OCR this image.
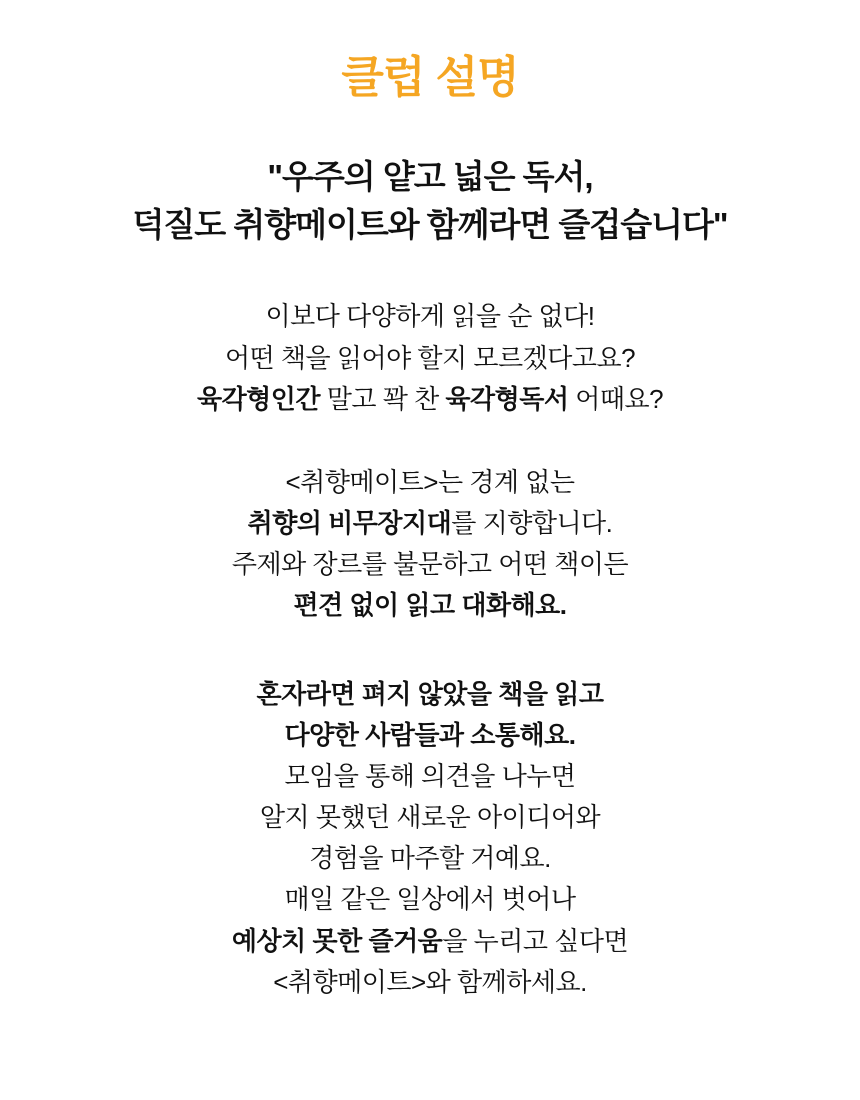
클럽 설명
"우주의 얕고 넓은 독서,
덕질도 취향메이트와 함께라면 즐겁습니다"

이보다 다양하게 읽을 순 없다!
어떤 책을 읽어야 할지 모르겠다고요?
육각형인간 말고 꽉 찬 육각형독서 어때요?

<취향메이트>는 경계 없는
취향의 비무장지대를 지향합니다.
주제와 장르를 불문하고 어떤 책이든
편견 없이 읽고 대화해요.

혼자라면 펴지 않았을 책을 읽고
다양한 사람들과 소통해요.
모임을 통해 의견을 나누면
알지 못했던 새로운 아이디어와
경험을 마주할 거예요.
매일 같은 일상에서 벗어나
예상치 못한 즐거움을 누리고 싶다면
<취향메이트>와 함께하세요.
